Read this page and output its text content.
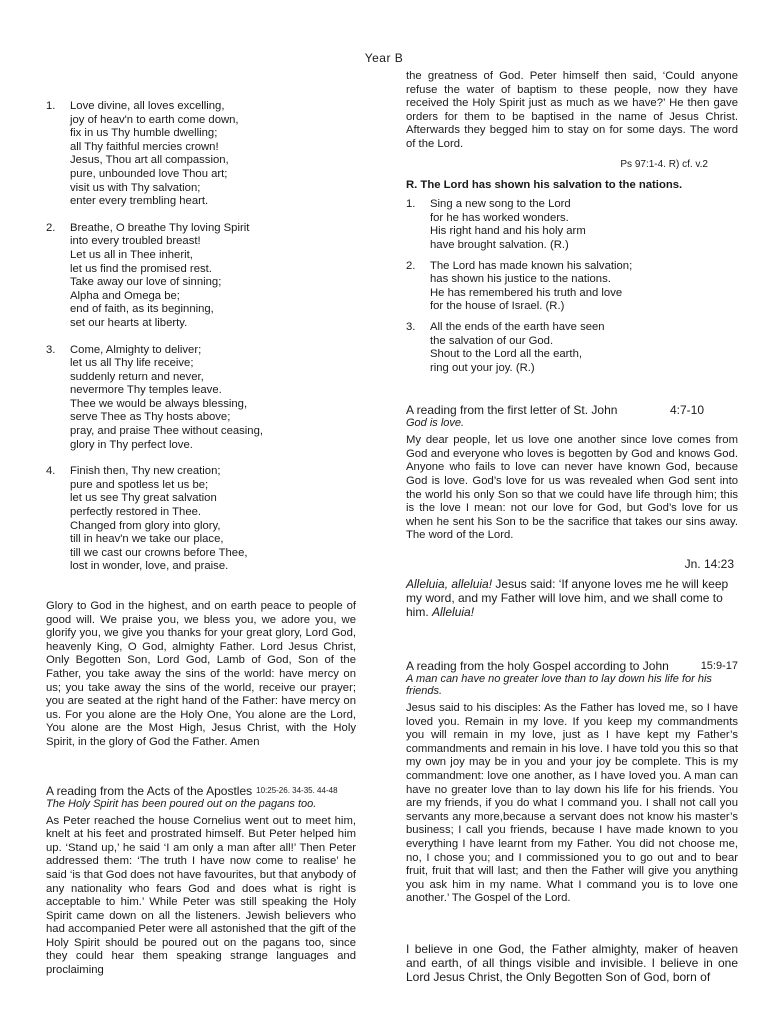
Year B
1.	Love divine, all loves excelling,
joy of heav'n to earth come down,
fix in us Thy humble dwelling;
all Thy faithful mercies crown!
Jesus, Thou art all compassion,
pure, unbounded love Thou art;
visit us with Thy salvation;
enter every trembling heart.
2.	Breathe, O breathe Thy loving Spirit
into every troubled breast!
Let us all in Thee inherit,
let us find the promised rest.
Take away our love of sinning;
Alpha and Omega be;
end of faith, as its beginning,
set our hearts at liberty.
3.	Come, Almighty to deliver;
let us all Thy life receive;
suddenly return and never,
nevermore Thy temples leave.
Thee we would be always blessing,
serve Thee as Thy hosts above;
pray, and praise Thee without ceasing,
glory in Thy perfect love.
4.	Finish then, Thy new creation;
pure and spotless let us be;
let us see Thy great salvation
perfectly restored in Thee.
Changed from glory into glory,
till in heav'n we take our place,
till we cast our crowns before Thee,
lost in wonder, love, and praise.
Glory to God in the highest, and on earth peace to people of good will. We praise you, we bless you, we adore you, we glorify you, we give you thanks for your great glory, Lord God, heavenly King, O God, almighty Father. Lord Jesus Christ, Only Begotten Son, Lord God, Lamb of God, Son of the Father, you take away the sins of the world: have mercy on us; you take away the sins of the world, receive our prayer; you are seated at the right hand of the Father: have mercy on us. For you alone are the Holy One, You alone are the Lord, You alone are the Most High, Jesus Christ, with the Holy Spirit, in the glory of God the Father. Amen
A reading from the Acts of the Apostles 10:25-26. 34-35. 44-48
The Holy Spirit has been poured out on the pagans too.
As Peter reached the house Cornelius went out to meet him, knelt at his feet and prostrated himself. But Peter helped him up. ‘Stand up,’ he said ‘I am only a man after all!’ Then Peter addressed them: ‘The truth I have now come to realise’ he said ‘is that God does not have favourites, but that anybody of any nationality who fears God and does what is right is acceptable to him.’ While Peter was still speaking the Holy Spirit came down on all the listeners. Jewish believers who had accompanied Peter were all astonished that the gift of the Holy Spirit should be poured out on the pagans too, since they could hear them speaking strange languages and proclaiming
the greatness of God. Peter himself then said, ‘Could anyone refuse the water of baptism to these people, now they have received the Holy Spirit just as much as we have?’ He then gave orders for them to be baptised in the name of Jesus Christ. Afterwards they begged him to stay on for some days. The word of the Lord.
Ps 97:1-4. R) cf. v.2
R. The Lord has shown his salvation to the nations.
1.	Sing a new song to the Lord
for he has worked wonders.
His right hand and his holy arm
have brought salvation. (R.)
2.	The Lord has made known his salvation;
has shown his justice to the nations.
He has remembered his truth and love
for the house of Israel. (R.)
3.	All the ends of the earth have seen
the salvation of our God.
Shout to the Lord all the earth,
ring out your joy. (R.)
A reading from the first letter of St. John	4:7-10
God is love.
My dear people, let us love one another since love comes from God and everyone who loves is begotten by God and knows God. Anyone who fails to love can never have known God, because God is love. God’s love for us was revealed when God sent into the world his only Son so that we could have life through him; this is the love I mean: not our love for God, but God’s love for us when he sent his Son to be the sacrifice that takes our sins away. The word of the Lord.
Jn. 14:23
Alleluia, alleluia! Jesus said: ‘If anyone loves me he will keep my word, and my Father will love him, and we shall come to him. Alleluia!
A reading from the holy Gospel according to John	15:9-17
A man can have no greater love than to lay down his life for his friends.
Jesus said to his disciples: As the Father has loved me, so I have loved you. Remain in my love. If you keep my commandments you will remain in my love, just as I have kept my Father’s commandments and remain in his love. I have told you this so that my own joy may be in you and your joy be complete. This is my commandment: love one another, as I have loved you. A man can have no greater love than to lay down his life for his friends. You are my friends, if you do what I command you. I shall not call you servants any more,because a servant does not know his master’s business; I call you friends, because I have made known to you everything I have learnt from my Father. You did not choose me, no, I chose you; and I commissioned you to go out and to bear fruit, fruit that will last; and then the Father will give you anything you ask him in my name. What I command you is to love one another.’ The Gospel of the Lord.
I believe in one God, the Father almighty, maker of heaven and earth, of all things visible and invisible. I believe in one Lord Jesus Christ, the Only Begotten Son of God, born of
